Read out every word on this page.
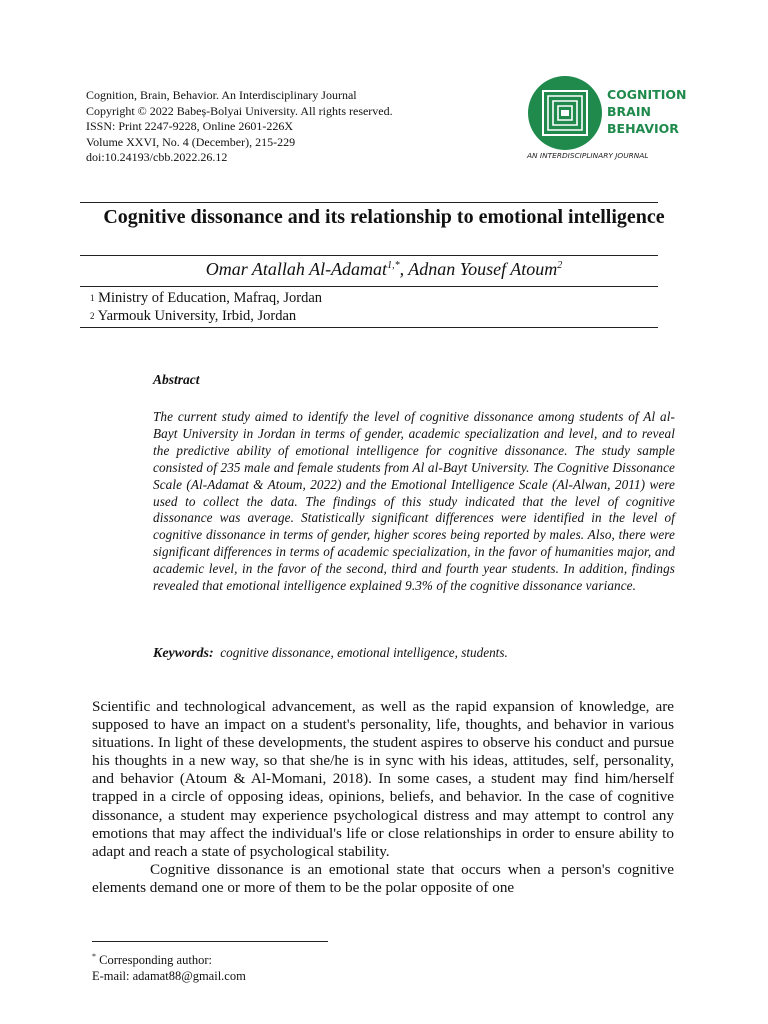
Cognition, Brain, Behavior. An Interdisciplinary Journal
Copyright © 2022 Babeș-Bolyai University. All rights reserved.
ISSN: Print 2247-9228, Online 2601-226X
Volume XXVI, No. 4 (December), 215-229
doi:10.24193/cbb.2022.26.12
COGNITION
BRAIN
BEHAVIOR
AN INTERDISCIPLINARY JOURNAL
Cognitive dissonance and its relationship to emotional intelligence
Omar Atallah Al-Adamat$^{1,*}$, Adnan Yousef Atoum$^2$
$^1$ Ministry of Education, Mafraq, Jordan
$^2$ Yarmouk University, Irbid, Jordan
Abstract
The current study aimed to identify the level of cognitive dissonance among students of Al al-Bayt University in Jordan in terms of gender, academic specialization and level, and to reveal the predictive ability of emotional intelligence for cognitive dissonance. The study sample consisted of 235 male and female students from Al al-Bayt University. The Cognitive Dissonance Scale (Al-Adamat & Atoum, 2022) and the Emotional Intelligence Scale (Al-Alwan, 2011) were used to collect the data. The findings of this study indicated that the level of cognitive dissonance was average. Statistically significant differences were identified in the level of cognitive dissonance in terms of gender, higher scores being reported by males. Also, there were significant differences in terms of academic specialization, in the favor of humanities major, and academic level, in the favor of the second, third and fourth year students. In addition, findings revealed that emotional intelligence explained 9.3% of the cognitive dissonance variance.
Keywords: cognitive dissonance, emotional intelligence, students.

Scientific and technological advancement, as well as the rapid expansion of knowledge, are supposed to have an impact on a student's personality, life, thoughts, and behavior in various situations. In light of these developments, the student aspires to observe his conduct and pursue his thoughts in a new way, so that she/he is in sync with his ideas, attitudes, self, personality, and behavior (Atoum & Al-Momani, 2018). In some cases, a student may find him/herself trapped in a circle of opposing ideas, opinions, beliefs, and behavior. In the case of cognitive dissonance, a student may experience psychological distress and may attempt to control any emotions that may affect the individual's life or close relationships in order to ensure ability to adapt and reach a state of psychological stability.

Cognitive dissonance is an emotional state that occurs when a person's cognitive elements demand one or more of them to be the polar opposite of one

* Corresponding author:
E-mail: adamat88@gmail.com
